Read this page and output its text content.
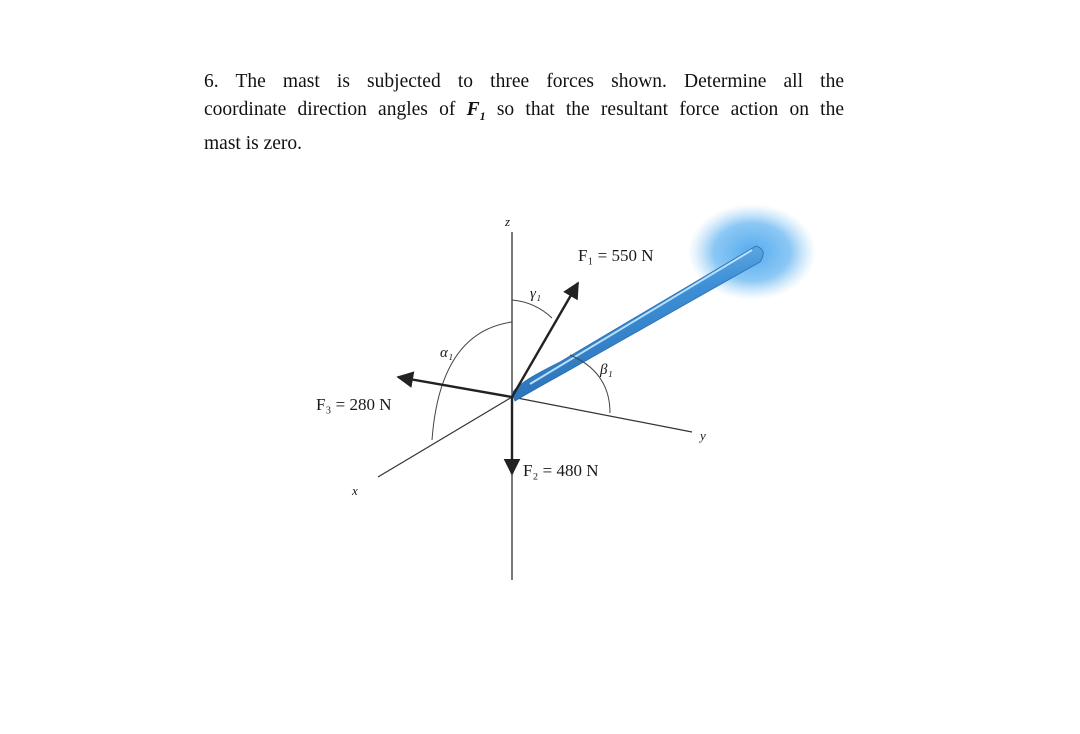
6. The mast is subjected to three forces shown. Determine all the
coordinate direction angles of $F_1$ so that the resultant force action on the
mast is zero.

F₁ = 550 N
F₂ = 480 N
F₃ = 280 N
z
y
x
α₁
β₁
γ₁
